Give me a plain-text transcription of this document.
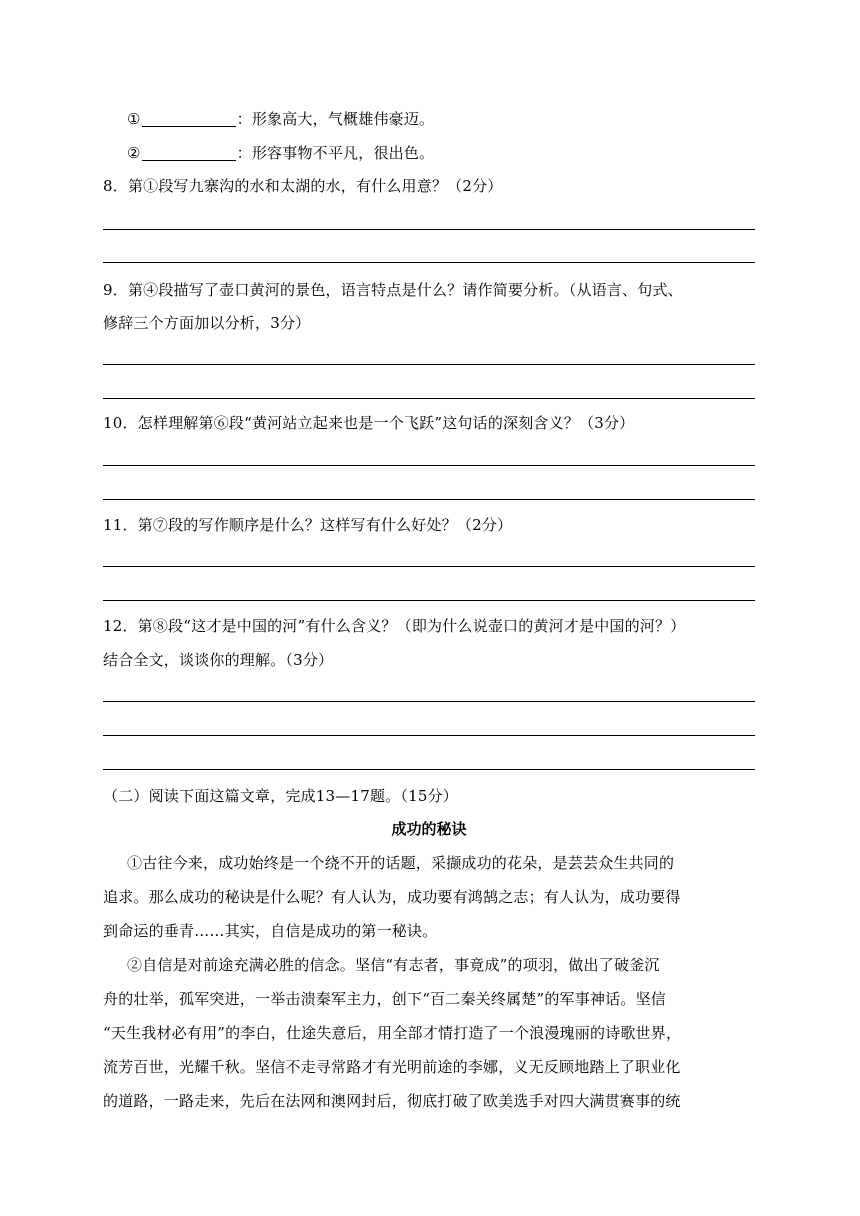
①	：形象高大，气概雄伟豪迈。
②	：形容事物不平凡，很出色。
8．第①段写九寨沟的水和太湖的水，有什么用意？（2分）
9．第④段描写了壶口黄河的景色，语言特点是什么？请作简要分析。（从语言、句式、
修辞三个方面加以分析，3分）
10．怎样理解第⑥段“黄河站立起来也是一个飞跃”这句话的深刻含义？（3分）
11．第⑦段的写作顺序是什么？这样写有什么好处？（2分）
12．第⑧段“这才是中国的河”有什么含义？（即为什么说壶口的黄河才是中国的河？）
结合全文，谈谈你的理解。（3分）
（二）阅读下面这篇文章，完成13—17题。（15分）
成功的秘诀
①古往今来，成功始终是一个绕不开的话题，采撷成功的花朵，是芸芸众生共同的
追求。那么成功的秘诀是什么呢？有人认为，成功要有鸿鹄之志；有人认为，成功要得
到命运的垂青……其实，自信是成功的第一秘诀。
②自信是对前途充满必胜的信念。坚信“有志者，事竟成”的项羽，做出了破釜沉
舟的壮举，孤军突进，一举击溃秦军主力，创下“百二秦关终属楚”的军事神话。坚信
“天生我材必有用”的李白，仕途失意后，用全部才情打造了一个浪漫瑰丽的诗歌世界，
流芳百世，光耀千秋。坚信不走寻常路才有光明前途的李娜，义无反顾地踏上了职业化
的道路，一路走来，先后在法网和澳网封后，彻底打破了欧美选手对四大满贯赛事的统
